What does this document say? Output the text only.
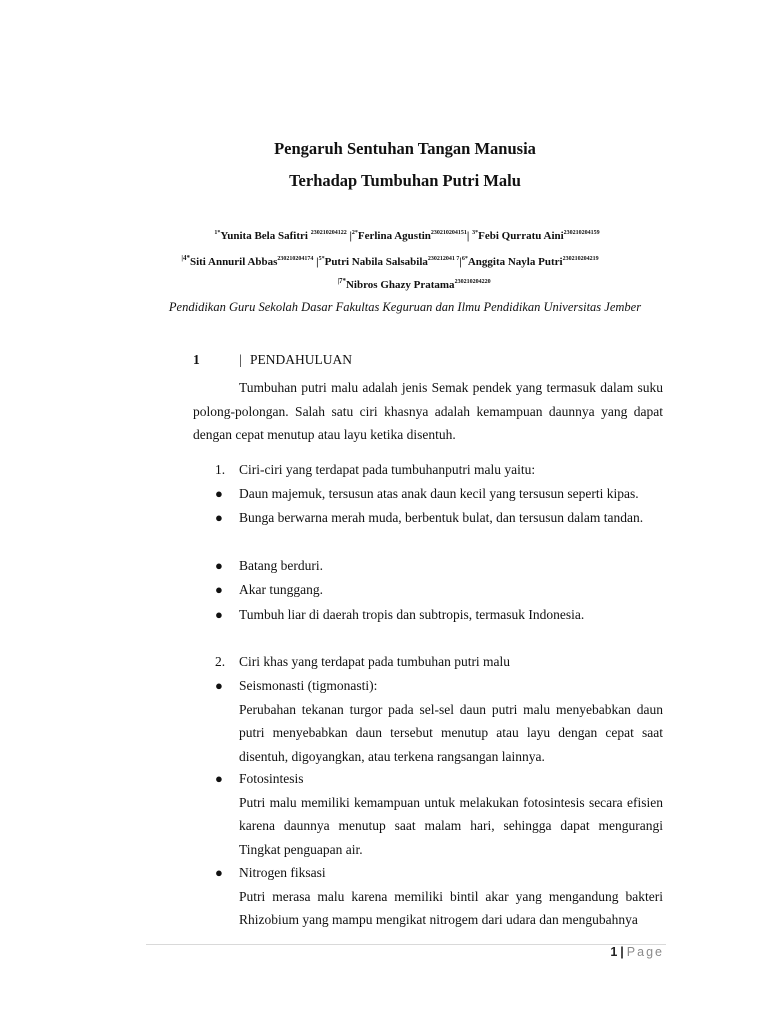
Pengaruh Sentuhan Tangan Manusia
Terhadap Tumbuhan Putri Malu
$^{1*}$Yunita Bela Safitri $^{230210204122}$ $|^{2*}Ferlina$ Agustin$^{230210204151}$| $^{3*}$Febi Qurratu Aini$^{230210204159}$
$^{|4*}$Siti Annuril Abbas$^{230210204174}$ $|^{5*}Putri$ Nabila $Salsabila^{230212041 7}|^{6*}Anggita$ Nayla Putri$^{230210204219}$
$^{|7*}$Nibros Ghazy Pratama$^{230210204220}$
Pendidikan Guru Sekolah Dasar Fakultas Keguruan dan Ilmu Pendidikan Universitas Jember
1	| PENDAHULUAN
Tumbuhan putri malu adalah jenis Semak pendek yang termasuk dalam suku polong-polongan. Salah satu ciri khasnya adalah kemampuan daunnya yang dapat dengan cepat menutup atau layu ketika disentuh.
1.	Ciri-ciri yang terdapat pada tumbuhanputri malu yaitu:
●	Daun majemuk, tersusun atas anak daun kecil yang tersusun seperti kipas.
●	Bunga berwarna merah muda, berbentuk bulat, dan tersusun dalam tandan.
●	Batang berduri.
●	Akar tunggang.
●	Tumbuh liar di daerah tropis dan subtropis, termasuk Indonesia.
2.	Ciri khas yang terdapat pada tumbuhan putri malu
●	Seismonasti (tigmonasti):
Perubahan tekanan turgor pada sel-sel daun putri malu menyebabkan daun putri menyebabkan daun tersebut menutup atau layu dengan cepat saat disentuh, digoyangkan, atau terkena rangsangan lainnya.
●	Fotosintesis
Putri malu memiliki kemampuan untuk melakukan fotosintesis secara efisien karena daunnya menutup saat malam hari, sehingga dapat mengurangi Tingkat penguapan air.
●	Nitrogen fiksasi
Putri merasa malu karena memiliki bintil akar yang mengandung bakteri Rhizobium yang mampu mengikat nitrogem dari udara dan mengubahnya
1 | Page
